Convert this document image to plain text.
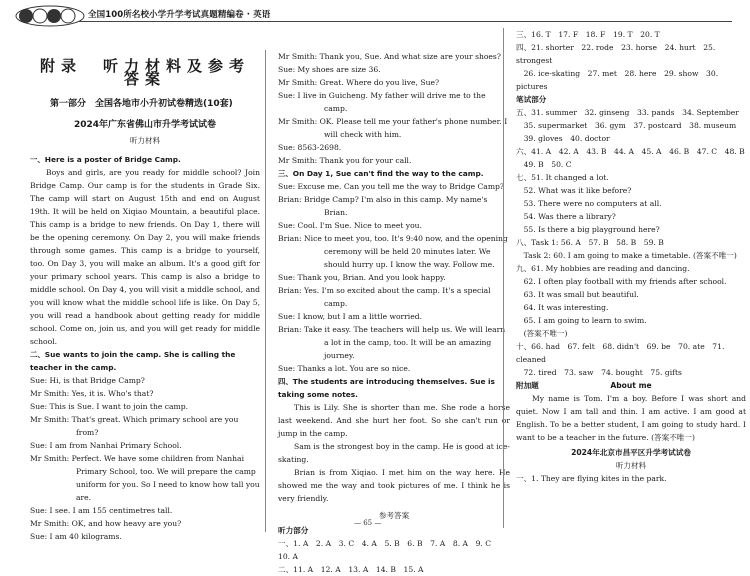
全国100所名校小学升学考试真题精编卷 · 英语
附录　听力材料及参考答案
第一部分　全国各地市小升初试卷精选(10套)
2024年广东省佛山市升学考试试卷
听力材料
一、Here is a poster of Bridge Camp.
Boys and girls, are you ready for middle school? Join Bridge Camp. Our camp is for the students in Grade Six. The camp will start on August 15th and end on August 19th. It will be held on Xiqiao Mountain, a beautiful place. This camp is a bridge to new friends. On Day 1, there will be the opening ceremony. On Day 2, you will make friends through some games. This camp is a bridge to yourself, too. On Day 3, you will make an album. It's a good gift for your primary school years. This camp is also a bridge to middle school. On Day 4, you will visit a middle school, and you will know what the middle school life is like. On Day 5, you will read a handbook about getting ready for middle school. Come on, join us, and you will get ready for middle school.
二、Sue wants to join the camp. She is calling the teacher in the camp.
Sue: Hi, is that Bridge Camp?
Mr Smith: Yes, it is. Who's that?
Sue: This is Sue. I want to join the camp.
Mr Smith: That's great. Which primary school are you from?
Sue: I am from Nanhai Primary School.
Mr Smith: Perfect. We have some children from Nanhai Primary School, too. We will prepare the camp uniform for you. So I need to know how tall you are.
Sue: I see. I am 155 centimetres tall.
Mr Smith: OK, and how heavy are you?
Sue: I am 40 kilograms.
Mr Smith: Thank you, Sue. And what size are your shoes?
Sue: My shoes are size 36.
Mr Smith: Great. Where do you live, Sue?
Sue: I live in Guicheng. My father will drive me to the camp.
Mr Smith: OK. Please tell me your father's phone number. I will check with him.
Sue: 8563-2698.
Mr Smith: Thank you for your call.
三、On Day 1, Sue can't find the way to the camp.
Sue: Excuse me. Can you tell me the way to Bridge Camp?
Brian: Bridge Camp? I'm also in this camp. My name's Brian.
Sue: Cool. I'm Sue. Nice to meet you.
Brian: Nice to meet you, too. It's 9:40 now, and the opening ceremony will be held 20 minutes later. We should hurry up. I know the way. Follow me.
Sue: Thank you, Brian. And you look happy.
Brian: Yes. I'm so excited about the camp. It's a special camp.
Sue: I know, but I am a little worried.
Brian: Take it easy. The teachers will help us. We will learn a lot in the camp, too. It will be an amazing journey.
Sue: Thanks a lot. You are so nice.
四、The students are introducing themselves. Sue is taking some notes.
This is Lily. She is shorter than me. She rode a horse last weekend. And she hurt her foot. So she can't run or jump in the camp.
Sam is the strongest boy in the camp. He is good at ice-skating.
Brian is from Xiqiao. I met him on the way here. He showed me the way and took pictures of me. I think he is very friendly.
参考答案
听力部分
一、1. A　2. A　3. C　4. A　5. B　6. B　7. A　8. A　9. C　10. A
二、11. A　12. A　13. A　14. B　15. A
三、16. T　17. F　18. F　19. T　20. T
四、21. shorter　22. rode　23. horse　24. hurt　25. strongest
　26. ice-skating　27. met　28. here　29. show　30. pictures
笔试部分
五、31. summer　32. ginseng　33. pands　34. September
　35. supermarket　36. gym　37. postcard　38. museum
　39. gloves　40. doctor
六、41. A　42. A　43. B　44. A　45. A　46. B　47. C　48. B
　49. B　50. C
七、51. It changed a lot.
　52. What was it like before?
　53. There were no computers at all.
　54. Was there a library?
　55. Is there a big playground here?
八、Task 1: 56. A　57. B　58. B　59. B
　Task 2: 60. I am going to make a timetable. (答案不唯一)
九、61. My hobbies are reading and dancing.
　62. I often play football with my friends after school.
　63. It was small but beautiful.
　64. It was interesting.
　65. I am going to learn to swim.
　(答案不唯一)
十、66. had　67. felt　68. didn't　69. be　70. ate　71. cleaned
　72. tired　73. saw　74. bought　75. gifts
附加题	About me
My name is Tom. I'm a boy. Before I was short and quiet. Now I am tall and thin. I am active. I am good at English. To be a better student, I am going to study hard. I want to be a teacher in the future. (答案不唯一)
2024年北京市昌平区升学考试试卷
听力材料
一、1. They are flying kites in the park.
— 65 —
